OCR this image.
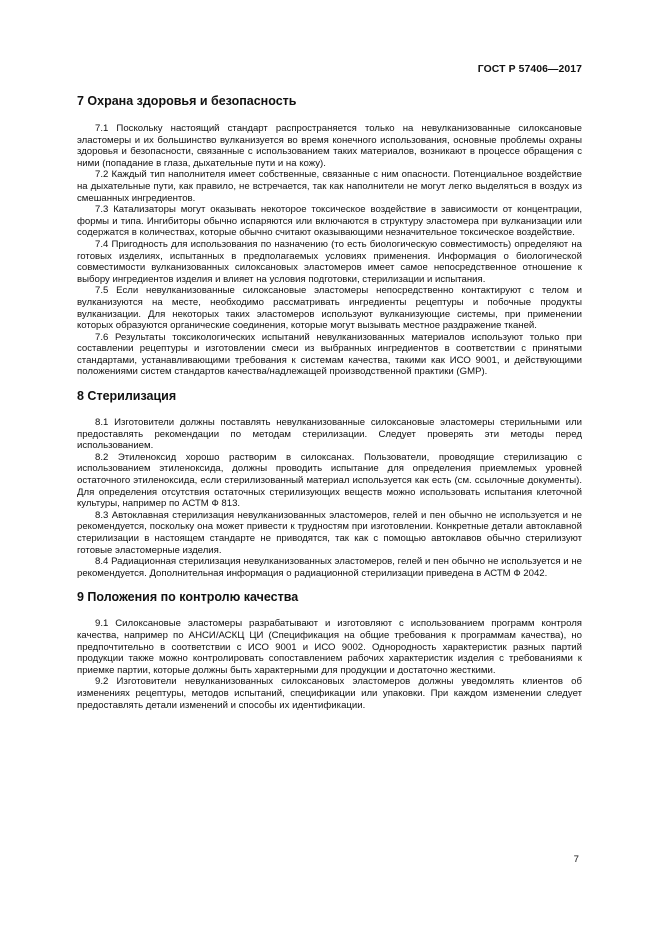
ГОСТ Р 57406—2017
7 Охрана здоровья и безопасность

7.1 Поскольку настоящий стандарт распространяется только на невулканизованные силоксановые эластомеры и их большинство вулканизуется во время конечного использования, основные проблемы охраны здоровья и безопасности, связанные с использованием таких материалов, возникают в процессе обращения с ними (попадание в глаза, дыхательные пути и на кожу).

7.2 Каждый тип наполнителя имеет собственные, связанные с ним опасности. Потенциальное воздействие на дыхательные пути, как правило, не встречается, так как наполнители не могут легко выделяться в воздух из смешанных ингредиентов.

7.3 Катализаторы могут оказывать некоторое токсическое воздействие в зависимости от концентрации, формы и типа. Ингибиторы обычно испаряются или включаются в структуру эластомера при вулканизации или содержатся в количествах, которые обычно считают оказывающими незначительное токсическое воздействие.

7.4 Пригодность для использования по назначению (то есть биологическую совместимость) определяют на готовых изделиях, испытанных в предполагаемых условиях применения. Информация о биологической совместимости вулканизованных силоксановых эластомеров имеет самое непосредственное отношение к выбору ингредиентов изделия и влияет на условия подготовки, стерилизации и испытания.

7.5 Если невулканизованные силоксановые эластомеры непосредственно контактируют с телом и вулканизуются на месте, необходимо рассматривать ингредиенты рецептуры и побочные продукты вулканизации. Для некоторых таких эластомеров используют вулканизующие системы, при применении которых образуются органические соединения, которые могут вызывать местное раздражение тканей.

7.6 Результаты токсикологических испытаний невулканизованных материалов используют только при составлении рецептуры и изготовлении смеси из выбранных ингредиентов в соответствии с принятыми стандартами, устанавливающими требования к системам качества, такими как ИСО 9001, и действующими положениями систем стандартов качества/надлежащей производственной практики (GMP).

8 Стерилизация

8.1 Изготовители должны поставлять невулканизованные силоксановые эластомеры стерильными или предоставлять рекомендации по методам стерилизации. Следует проверять эти методы перед использованием.

8.2 Этиленоксид хорошо растворим в силоксанах. Пользователи, проводящие стерилизацию с использованием этиленоксида, должны проводить испытание для определения приемлемых уровней остаточного этиленоксида, если стерилизованный материал используется как есть (см. ссылочные документы). Для определения отсутствия остаточных стерилизующих веществ можно использовать испытания клеточной культуры, например по АСТМ Ф 813.

8.3 Автоклавная стерилизация невулканизованных эластомеров, гелей и пен обычно не используется и не рекомендуется, поскольку она может привести к трудностям при изготовлении. Конкретные детали автоклавной стерилизации в настоящем стандарте не приводятся, так как с помощью автоклавов обычно стерилизуют готовые эластомерные изделия.

8.4 Радиационная стерилизация невулканизованных эластомеров, гелей и пен обычно не используется и не рекомендуется. Дополнительная информация о радиационной стерилизации приведена в АСТМ Ф 2042.

9 Положения по контролю качества

9.1 Силоксановые эластомеры разрабатывают и изготовляют с использованием программ контроля качества, например по АНСИ/АСКЦ ЦИ (Спецификация на общие требования к программам качества), но предпочтительно в соответствии с ИСО 9001 и ИСО 9002. Однородность характеристик разных партий продукции также можно контролировать сопоставлением рабочих характеристик изделия с требованиями к приемке партии, которые должны быть характерными для продукции и достаточно жесткими.

9.2 Изготовители невулканизованных силоксановых эластомеров должны уведомлять клиентов об изменениях рецептуры, методов испытаний, спецификации или упаковки. При каждом изменении следует предоставлять детали изменений и способы их идентификации.

7
